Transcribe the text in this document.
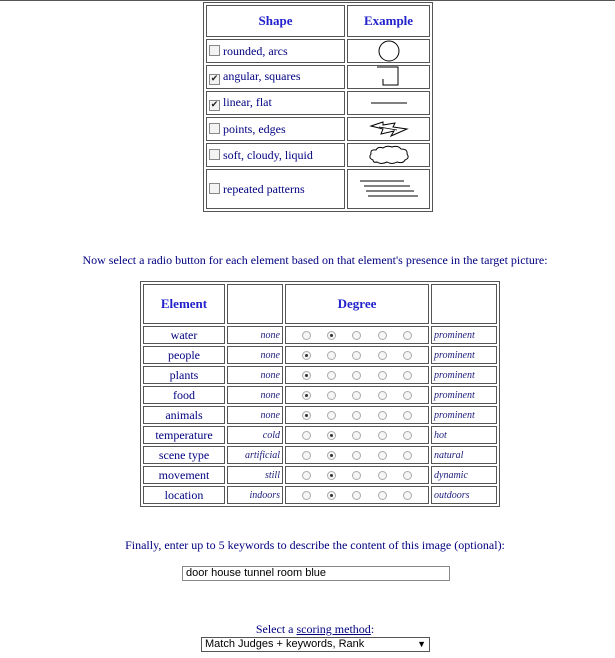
Shape	Example
rounded, arcs	

✔ angular, squares	

✔ linear, flat	

points, edges	

soft, cloudy, liquid	

repeated patterns	
Now select a radio button for each element based on that element's presence in the target picture:
Element		Degree	
water	none		prominent
people	none		prominent
plants	none		prominent
food	none		prominent
animals	none		prominent
temperature	cold		hot
scene type	artificial		natural
movement	still		dynamic
location	indoors		outdoors
Finally, enter up to 5 keywords to describe the content of this image (optional):
door house tunnel room blue
Select a scoring method:
Match Judges + keywords, Rank	▼
